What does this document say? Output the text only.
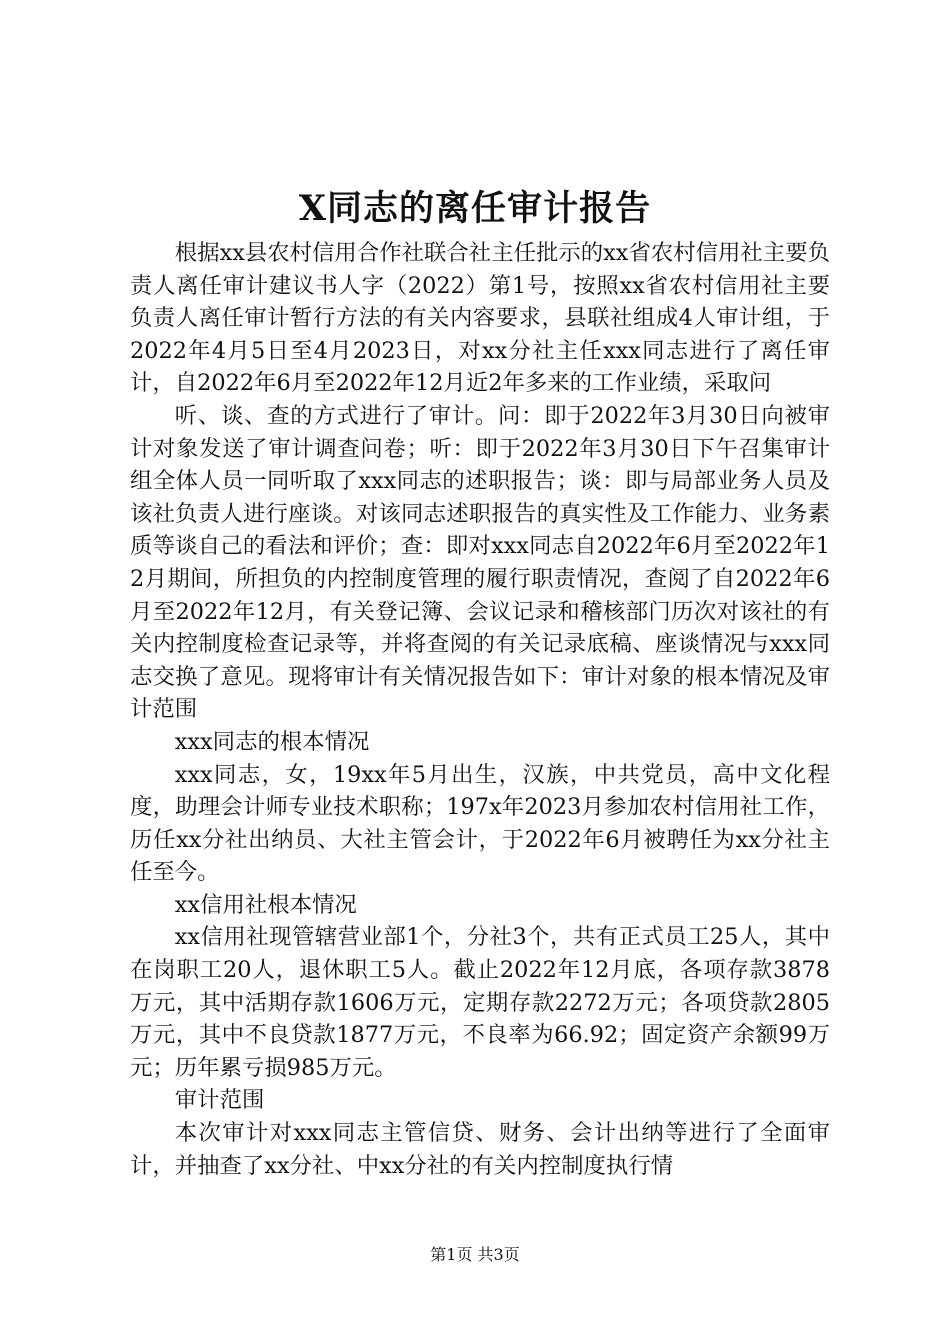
X同志的离任审计报告

根据xx县农村信用合作社联合社主任批示的xx省农村信用社主要负责人离任审计建议书人字（2022）第1号，按照xx省农村信用社主要负责人离任审计暂行方法的有关内容要求，县联社组成4人审计组，于2022年4月5日至4月2023日，对xx分社主任xxx同志进行了离任审计，自2022年6月至2022年12月近2年多来的工作业绩，采取问

听、谈、查的方式进行了审计。问：即于2022年3月30日向被审计对象发送了审计调查问卷；听：即于2022年3月30日下午召集审计组全体人员一同听取了xxx同志的述职报告；谈：即与局部业务人员及该社负责人进行座谈。对该同志述职报告的真实性及工作能力、业务素质等谈自己的看法和评价；查：即对xxx同志自2022年6月至2022年12月期间，所担负的内控制度管理的履行职责情况，查阅了自2022年6月至2022年12月，有关登记簿、会议记录和稽核部门历次对该社的有关内控制度检查记录等，并将查阅的有关记录底稿、座谈情况与xxx同志交换了意见。现将审计有关情况报告如下：审计对象的根本情况及审计范围

xxx同志的根本情况

xxx同志，女，19xx年5月出生，汉族，中共党员，高中文化程度，助理会计师专业技术职称；197x年2023月参加农村信用社工作，历任xx分社出纳员、大社主管会计，于2022年6月被聘任为xx分社主任至今。

xx信用社根本情况

xx信用社现管辖营业部1个，分社3个，共有正式员工25人，其中在岗职工20人，退休职工5人。截止2022年12月底，各项存款3878万元，其中活期存款1606万元，定期存款2272万元；各项贷款2805万元，其中不良贷款1877万元，不良率为66.92；固定资产余额99万元；历年累亏损985万元。

审计范围

本次审计对xxx同志主管信贷、财务、会计出纳等进行了全面审计，并抽查了xx分社、中xx分社的有关内控制度执行情

第1页 共3页
